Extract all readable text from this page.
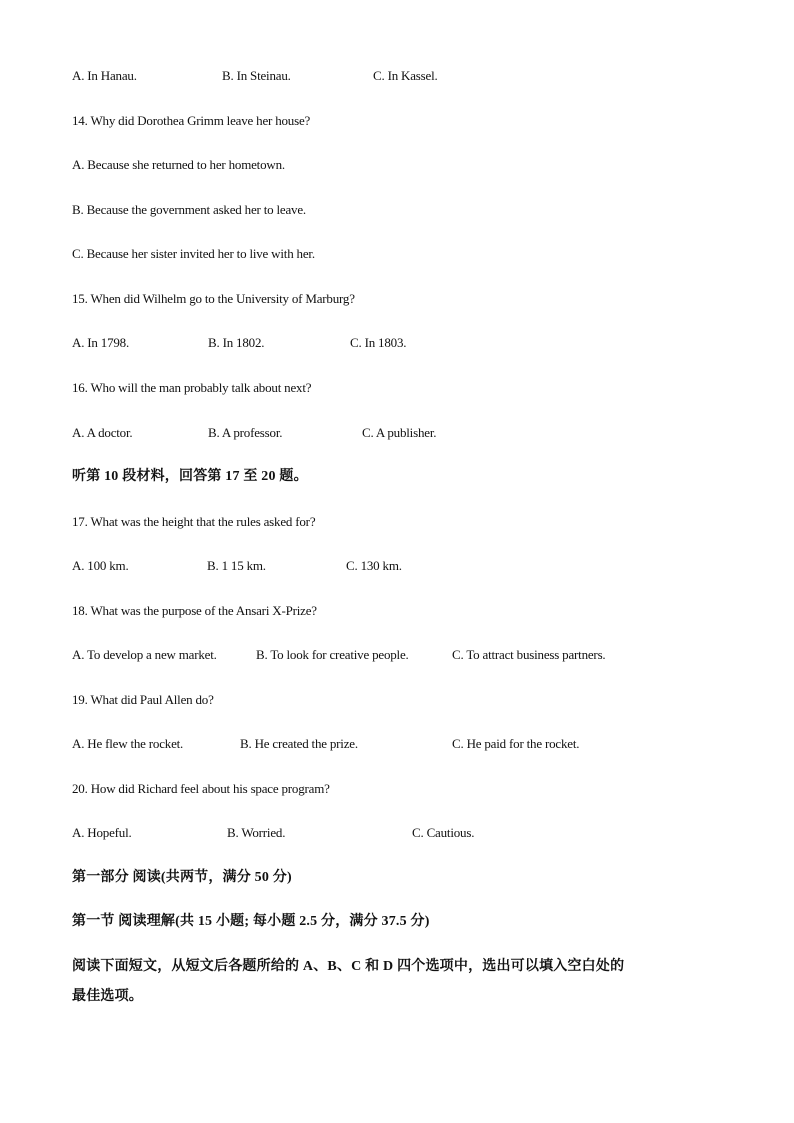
A. In Hanau.	B. In Steinau.	C. In Kassel.
14. Why did Dorothea Grimm leave her house?
A. Because she returned to her hometown.
B. Because the government asked her to leave.
C. Because her sister invited her to live with her.
15. When did Wilhelm go to the University of Marburg?
A. In 1798.	B. In 1802.	C. In 1803.
16. Who will the man probably talk about next?
A. A doctor.	B. A professor.	C. A publisher.
听第 10 段材料，回答第 17 至 20 题。
17. What was the height that the rules asked for?
A. 100 km.	B. 1 15 km.	C. 130 km.
18. What was the purpose of the Ansari X-Prize?
A. To develop a new market.	B. To look for creative people.	C. To attract business partners.
19. What did Paul Allen do?
A. He flew the rocket.	B. He created the prize.	C. He paid for the rocket.
20. How did Richard feel about his space program?
A. Hopeful.	B. Worried.	C. Cautious.
第一部分 阅读(共两节，满分 50 分)
第一节 阅读理解(共 15 小题; 每小题 2.5 分，满分 37.5 分)
阅读下面短文，从短文后各题所给的 A、B、C 和 D 四个选项中，选出可以填入空白处的
最佳选项。
